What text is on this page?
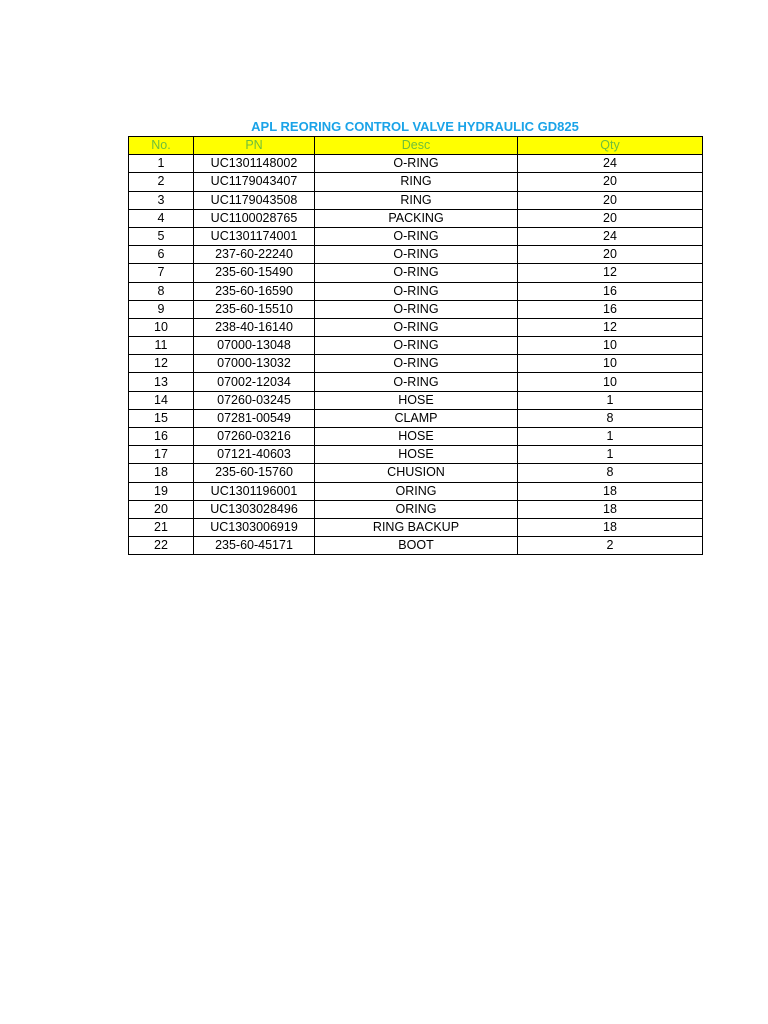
APL REORING CONTROL VALVE HYDRAULIC GD825
No.	PN	Desc	Qty
1	UC1301148002	O-RING	24
2	UC1179043407	RING	20
3	UC1179043508	RING	20
4	UC1100028765	PACKING	20
5	UC1301174001	O-RING	24
6	237-60-22240	O-RING	20
7	235-60-15490	O-RING	12
8	235-60-16590	O-RING	16
9	235-60-15510	O-RING	16
10	238-40-16140	O-RING	12
11	07000-13048	O-RING	10
12	07000-13032	O-RING	10
13	07002-12034	O-RING	10
14	07260-03245	HOSE	1
15	07281-00549	CLAMP	8
16	07260-03216	HOSE	1
17	07121-40603	HOSE	1
18	235-60-15760	CHUSION	8
19	UC1301196001	ORING	18
20	UC1303028496	ORING	18
21	UC1303006919	RING BACKUP	18
22	235-60-45171	BOOT	2
